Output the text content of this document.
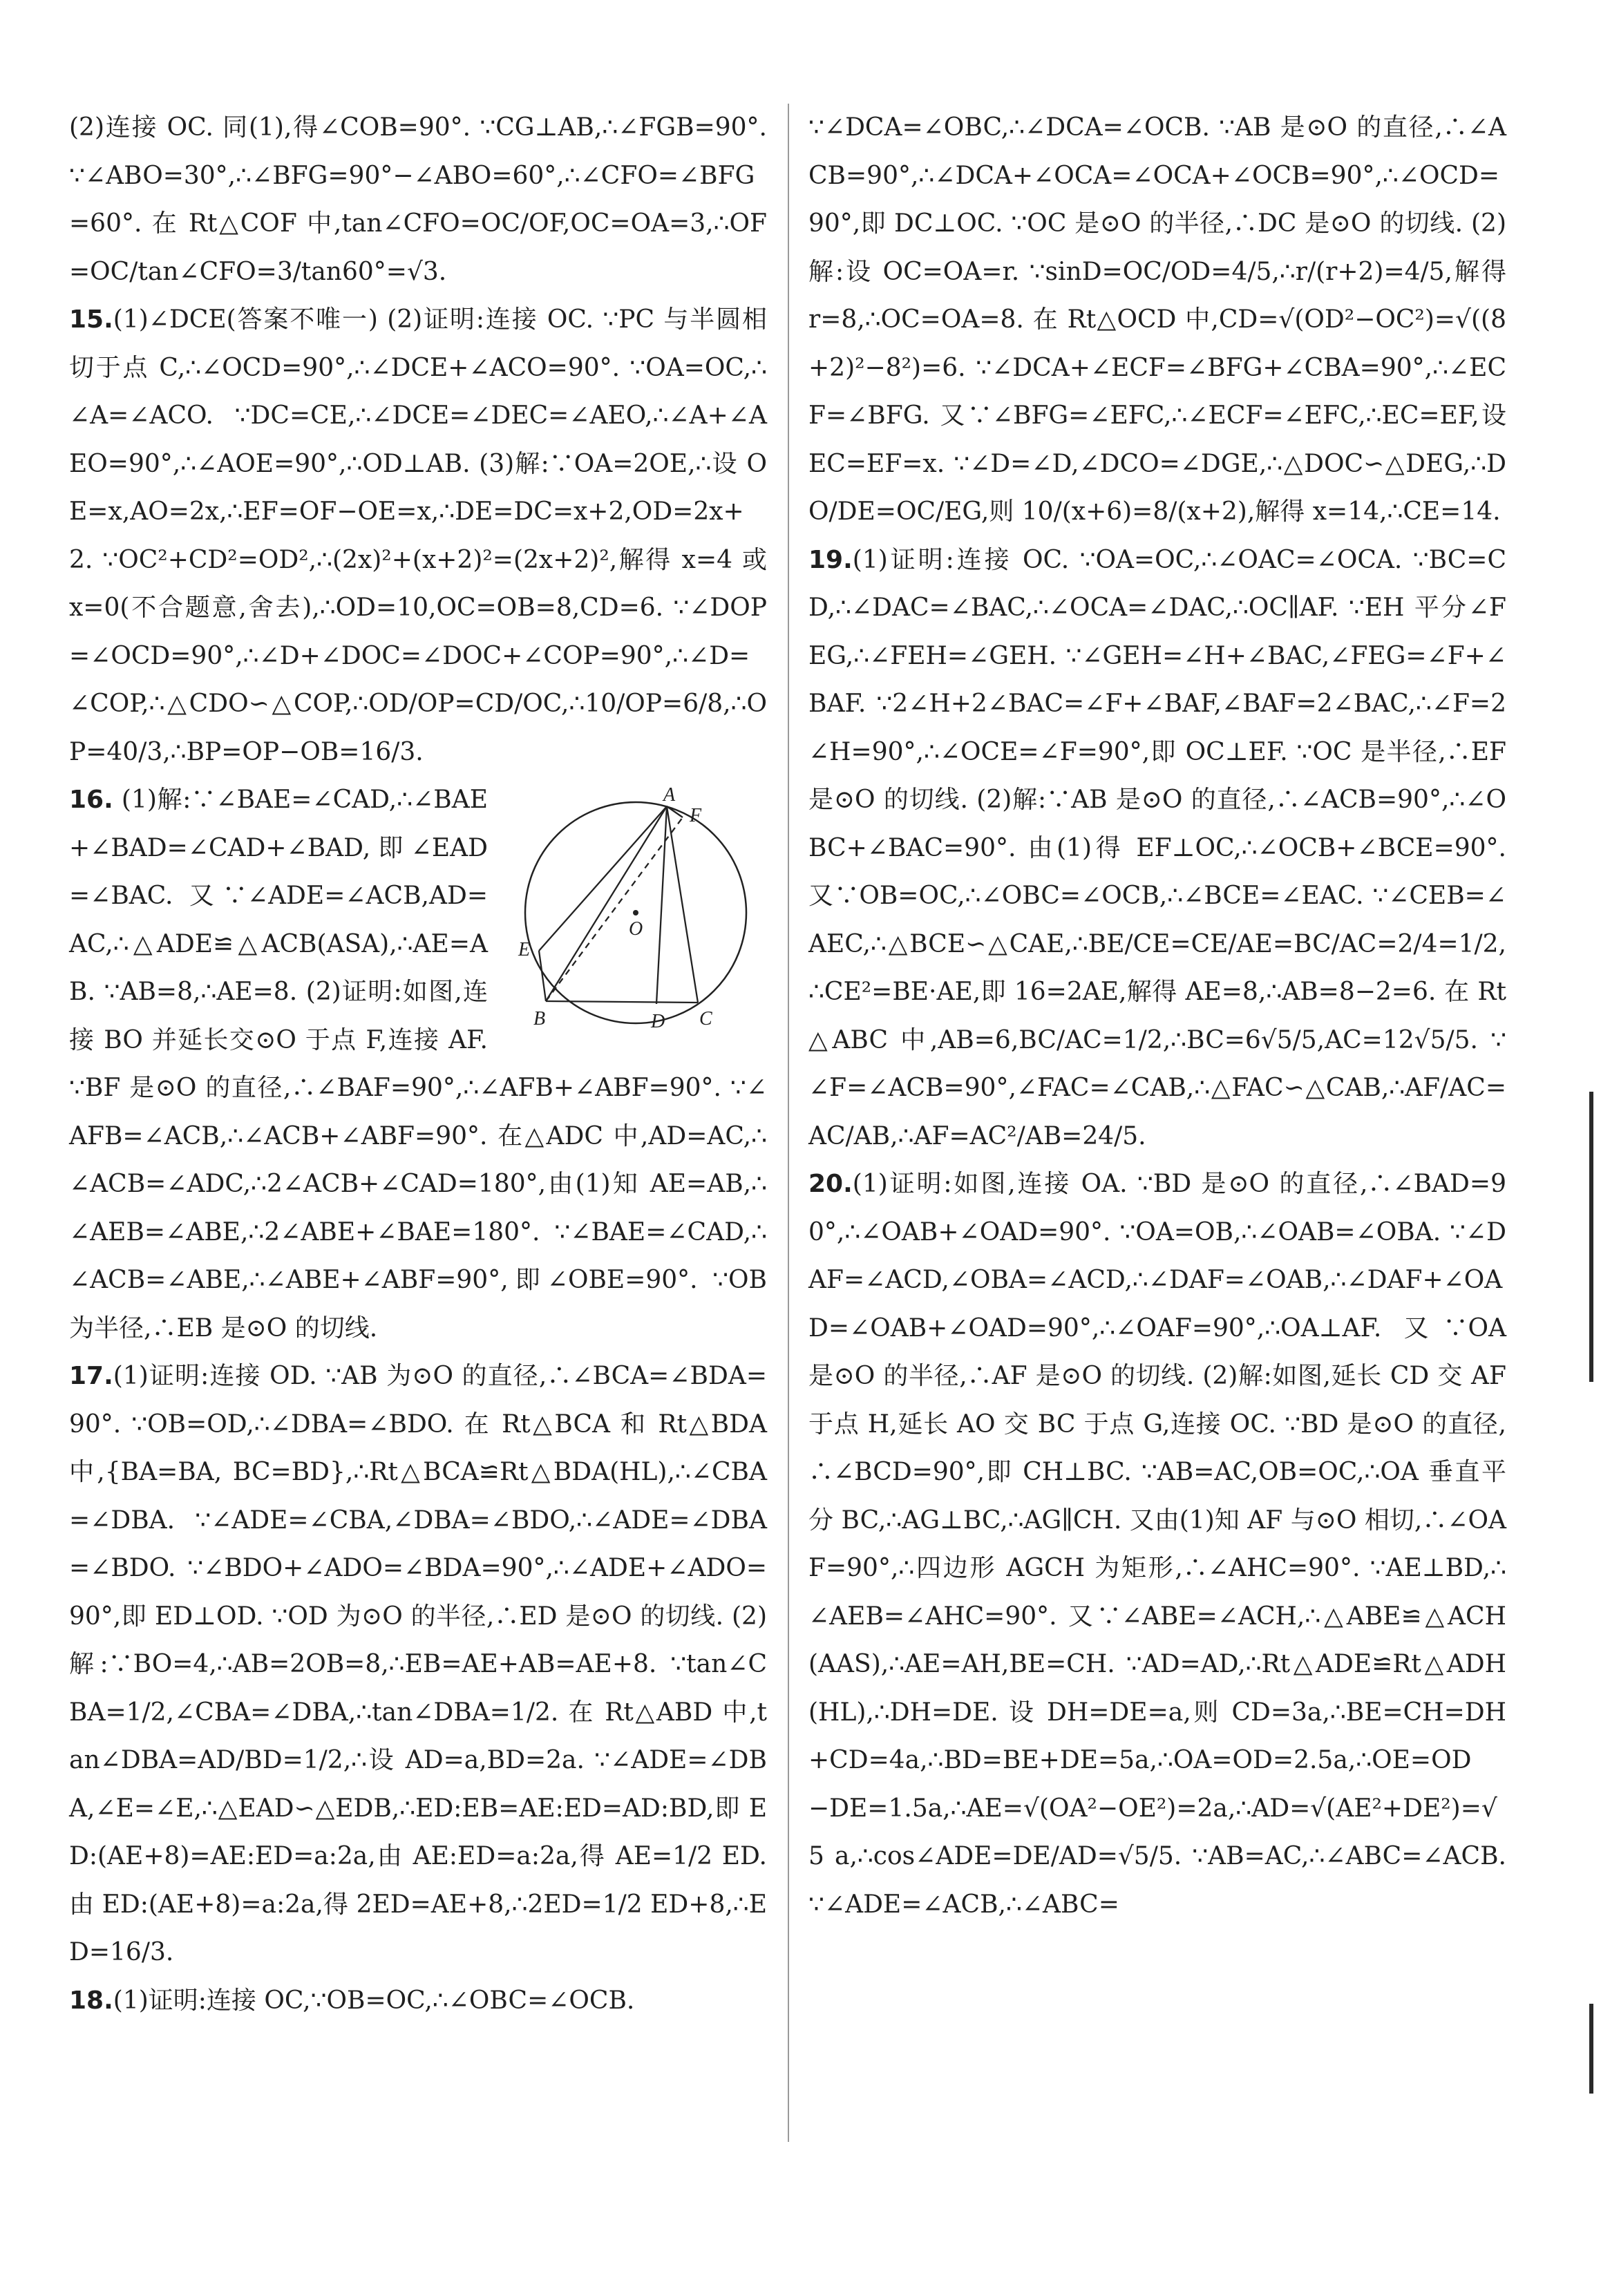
(2)连接 OC. 同(1),得∠COB=90°. ∵CG⊥AB,∴∠FGB=90°. ∵∠ABO=30°,∴∠BFG=90°−∠ABO=60°,∴∠CFO=∠BFG=60°. 在 Rt△COF 中,tan∠CFO=OC/OF,OC=OA=3,∴OF=OC/tan∠CFO=3/tan60°=√3.

15.(1)∠DCE(答案不唯一) (2)证明:连接 OC. ∵PC 与半圆相切于点 C,∴∠OCD=90°,∴∠DCE+∠ACO=90°. ∵OA=OC,∴∠A=∠ACO. ∵DC=CE,∴∠DCE=∠DEC=∠AEO,∴∠A+∠AEO=90°,∴∠AOE=90°,∴OD⊥AB. (3)解:∵OA=2OE,∴设 OE=x,AO=2x,∴EF=OF−OE=x,∴DE=DC=x+2,OD=2x+2. ∵OC²+CD²=OD²,∴(2x)²+(x+2)²=(2x+2)²,解得 x=4 或 x=0(不合题意,舍去),∴OD=10,OC=OB=8,CD=6. ∵∠DOP=∠OCD=90°,∴∠D+∠DOC=∠DOC+∠COP=90°,∴∠D=∠COP,∴△CDO∽△COP,∴OD/OP=CD/OC,∴10/OP=6/8,∴OP=40/3,∴BP=OP−OB=16/3.

16.	A
F
E
O
B	D C
(1)解:∵∠BAE=∠CAD,∴∠BAE+∠BAD=∠CAD+∠BAD,即∠EAD=∠BAC. 又∵∠ADE=∠ACB,AD=AC,∴△ADE≌△ACB(ASA),∴AE=AB. ∵AB=8,∴AE=8. (2)证明:如图,连接 BO 并延长交⊙O 于点 F,连接 AF. ∵BF 是⊙O 的直径,∴∠BAF=90°,∴∠AFB+∠ABF=90°. ∵∠AFB=∠ACB,∴∠ACB+∠ABF=90°. 在△ADC 中,AD=AC,∴∠ACB=∠ADC,∴2∠ACB+∠CAD=180°,由(1)知 AE=AB,∴∠AEB=∠ABE,∴2∠ABE+∠BAE=180°. ∵∠BAE=∠CAD,∴∠ACB=∠ABE,∴∠ABE+∠ABF=90°,即∠OBE=90°. ∵OB 为半径,∴EB 是⊙O 的切线.

17.(1)证明:连接 OD. ∵AB 为⊙O 的直径,∴∠BCA=∠BDA=90°. ∵OB=OD,∴∠DBA=∠BDO. 在 Rt△BCA 和 Rt△BDA 中,{BA=BA, BC=BD},∴Rt△BCA≌Rt△BDA(HL),∴∠CBA=∠DBA. ∵∠ADE=∠CBA,∠DBA=∠BDO,∴∠ADE=∠DBA=∠BDO. ∵∠BDO+∠ADO=∠BDA=90°,∴∠ADE+∠ADO=90°,即 ED⊥OD. ∵OD 为⊙O 的半径,∴ED 是⊙O 的切线. (2)解:∵BO=4,∴AB=2OB=8,∴EB=AE+AB=AE+8. ∵tan∠CBA=1/2,∠CBA=∠DBA,∴tan∠DBA=1/2. 在 Rt△ABD 中,tan∠DBA=AD/BD=1/2,∴设 AD=a,BD=2a. ∵∠ADE=∠DBA,∠E=∠E,∴△EAD∽△EDB,∴ED:EB=AE:ED=AD:BD,即 ED:(AE+8)=AE:ED=a:2a,由 AE:ED=a:2a,得 AE=1/2 ED. 由 ED:(AE+8)=a:2a,得 2ED=AE+8,∴2ED=1/2 ED+8,∴ED=16/3.

18.(1)证明:连接 OC,∵OB=OC,∴∠OBC=∠OCB.

∵∠DCA=∠OBC,∴∠DCA=∠OCB. ∵AB 是⊙O 的直径,∴∠ACB=90°,∴∠DCA+∠OCA=∠OCA+∠OCB=90°,∴∠OCD=90°,即 DC⊥OC. ∵OC 是⊙O 的半径,∴DC 是⊙O 的切线. (2)解:设 OC=OA=r. ∵sinD=OC/OD=4/5,∴r/(r+2)=4/5,解得 r=8,∴OC=OA=8. 在 Rt△OCD 中,CD=√(OD²−OC²)=√((8+2)²−8²)=6. ∵∠DCA+∠ECF=∠BFG+∠CBA=90°,∴∠ECF=∠BFG. 又∵∠BFG=∠EFC,∴∠ECF=∠EFC,∴EC=EF,设 EC=EF=x. ∵∠D=∠D,∠DCO=∠DGE,∴△DOC∽△DEG,∴DO/DE=OC/EG,则 10/(x+6)=8/(x+2),解得 x=14,∴CE=14.

19.(1)证明:连接 OC. ∵OA=OC,∴∠OAC=∠OCA. ∵BC=CD,∴∠DAC=∠BAC,∴∠OCA=∠DAC,∴OC∥AF. ∵EH 平分∠FEG,∴∠FEH=∠GEH. ∵∠GEH=∠H+∠BAC,∠FEG=∠F+∠BAF. ∵2∠H+2∠BAC=∠F+∠BAF,∠BAF=2∠BAC,∴∠F=2∠H=90°,∴∠OCE=∠F=90°,即 OC⊥EF. ∵OC 是半径,∴EF 是⊙O 的切线. (2)解:∵AB 是⊙O 的直径,∴∠ACB=90°,∴∠OBC+∠BAC=90°. 由(1)得 EF⊥OC,∴∠OCB+∠BCE=90°. 又∵OB=OC,∴∠OBC=∠OCB,∴∠BCE=∠EAC. ∵∠CEB=∠AEC,∴△BCE∽△CAE,∴BE/CE=CE/AE=BC/AC=2/4=1/2,∴CE²=BE·AE,即 16=2AE,解得 AE=8,∴AB=8−2=6. 在 Rt△ABC 中,AB=6,BC/AC=1/2,∴BC=6√5/5,AC=12√5/5. ∵∠F=∠ACB=90°,∠FAC=∠CAB,∴△FAC∽△CAB,∴AF/AC=AC/AB,∴AF=AC²/AB=24/5.

20.(1)证明:如图,连接 OA. ∵BD 是⊙O 的直径,∴∠BAD=90°,∴∠OAB+∠OAD=90°. ∵OA=OB,∴∠OAB=∠OBA. ∵∠DAF=∠ACD,∠OBA=∠ACD,∴∠DAF=∠OAB,∴∠DAF+∠OAD=∠OAB+∠OAD=90°,∴∠OAF=90°,∴OA⊥AF. 又∵OA 是⊙O 的半径,∴AF 是⊙O 的切线. (2)解:如图,延长 CD 交 AF 于点 H,延长 AO 交 BC 于点 G,连接 OC. ∵BD 是⊙O 的直径,∴∠BCD=90°,即 CH⊥BC. ∵AB=AC,OB=OC,∴OA 垂直平分 BC,∴AG⊥BC,∴AG∥CH. 又由(1)知 AF 与⊙O 相切,∴∠OAF=90°,∴四边形 AGCH 为矩形,∴∠AHC=90°. ∵AE⊥BD,∴∠AEB=∠AHC=90°. 又∵∠ABE=∠ACH,∴△ABE≌△ACH(AAS),∴AE=AH,BE=CH. ∵AD=AD,∴Rt△ADE≌Rt△ADH(HL),∴DH=DE. 设 DH=DE=a,则 CD=3a,∴BE=CH=DH+CD=4a,∴BD=BE+DE=5a,∴OA=OD=2.5a,∴OE=OD−DE=1.5a,∴AE=√(OA²−OE²)=2a,∴AD=√(AE²+DE²)=√5 a,∴cos∠ADE=DE/AD=√5/5. ∵AB=AC,∴∠ABC=∠ACB. ∵∠ADE=∠ACB,∴∠ABC=
